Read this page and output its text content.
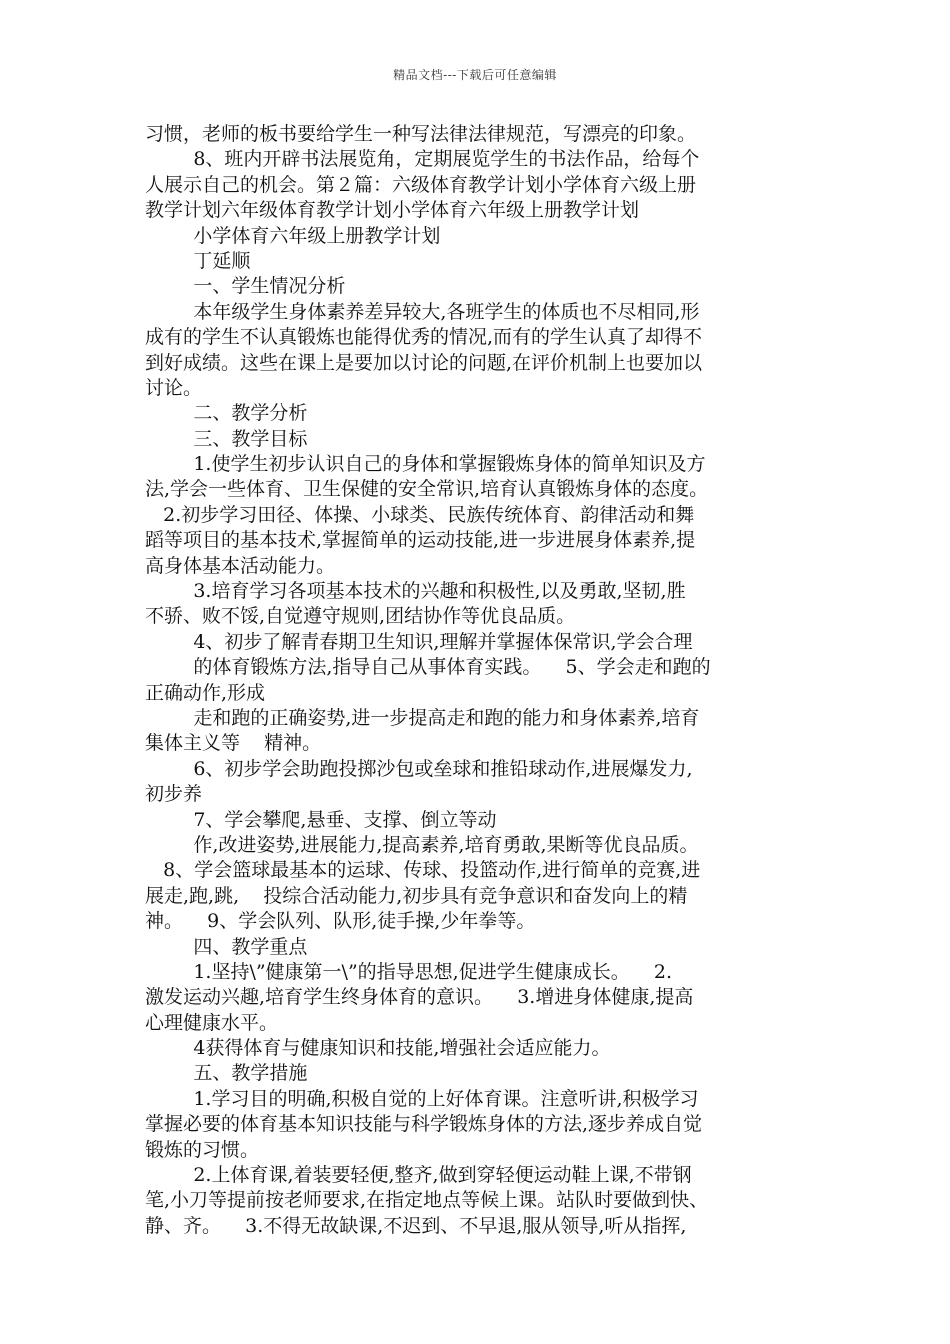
精品文档---下载后可任意编辑
习惯，老师的板书要给学生一种写法律法律规范，写漂亮的印象。
8、班内开辟书法展览角，定期展览学生的书法作品，给每个
人展示自己的机会。第２篇：六级体育教学计划小学体育六级上册
教学计划六年级体育教学计划小学体育六年级上册教学计划
小学体育六年级上册教学计划
丁延顺
一、学生情况分析
本年级学生身体素养差异较大,各班学生的体质也不尽相同,形
成有的学生不认真锻炼也能得优秀的情况,而有的学生认真了却得不
到好成绩。这些在课上是要加以讨论的问题,在评价机制上也要加以
讨论。
二、教学分析
三、教学目标
1.使学生初步认识自己的身体和掌握锻炼身体的简单知识及方
法,学会一些体育、卫生保健的安全常识,培育认真锻炼身体的态度。
2.初步学习田径、体操、小球类、民族传统体育、韵律活动和舞
蹈等项目的基本技术,掌握简单的运动技能,进一步进展身体素养,提
高身体基本活动能力。
3.培育学习各项基本技术的兴趣和积极性,以及勇敢,坚韧,胜
不骄、败不馁,自觉遵守规则,团结协作等优良品质。
4、初步了解青春期卫生知识,理解并掌握体保常识,学会合理
的体育锻炼方法,指导自己从事体育实践。    5、学会走和跑的
正确动作,形成
走和跑的正确姿势,进一步提高走和跑的能力和身体素养,培育
集体主义等    精神。
6、初步学会助跑投掷沙包或垒球和推铅球动作,进展爆发力,
初步养
7、学会攀爬,悬垂、支撑、倒立等动
作,改进姿势,进展能力,提高素养,培育勇敢,果断等优良品质。
8、学会篮球最基本的运球、传球、投篮动作,进行简单的竞赛,进
展走,跑,跳,    投综合活动能力,初步具有竞争意识和奋发向上的精
神。    9、学会队列、队形,徒手操,少年拳等。
四、教学重点
1.坚持\”健康第一\”的指导思想,促进学生健康成长。    2.
激发运动兴趣,培育学生终身体育的意识。    3.增进身体健康,提高
心理健康水平。
4获得体育与健康知识和技能,增强社会适应能力。
五、教学措施
1.学习目的明确,积极自觉的上好体育课。注意听讲,积极学习
掌握必要的体育基本知识技能与科学锻炼身体的方法,逐步养成自觉
锻炼的习惯。
2.上体育课,着装要轻便,整齐,做到穿轻便运动鞋上课,不带钢
笔,小刀等提前按老师要求,在指定地点等候上课。站队时要做到快、
静、齐。    3.不得无故缺课,不迟到、不早退,服从领导,听从指挥,
